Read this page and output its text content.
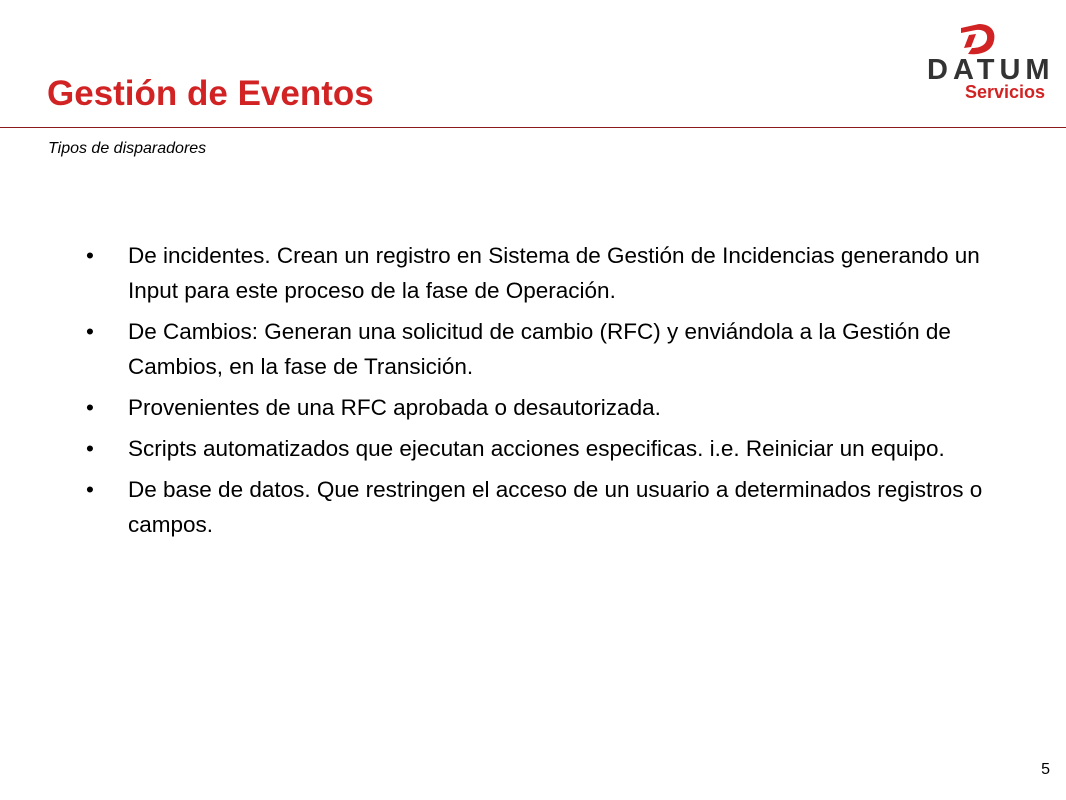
Gestión de Eventos
Tipos de disparadores
DATUM
Servicios
•	De incidentes. Crean un registro en Sistema de Gestión de Incidencias generando un Input para este proceso de la fase de Operación.
•	De Cambios: Generan una solicitud de cambio (RFC) y enviándola a la Gestión de Cambios, en la fase de Transición.
•	Provenientes de una RFC aprobada o desautorizada.
•	Scripts automatizados que ejecutan acciones especificas. i.e. Reiniciar un equipo.
•	De base de datos. Que restringen el acceso de un usuario a determinados registros o campos.
5
